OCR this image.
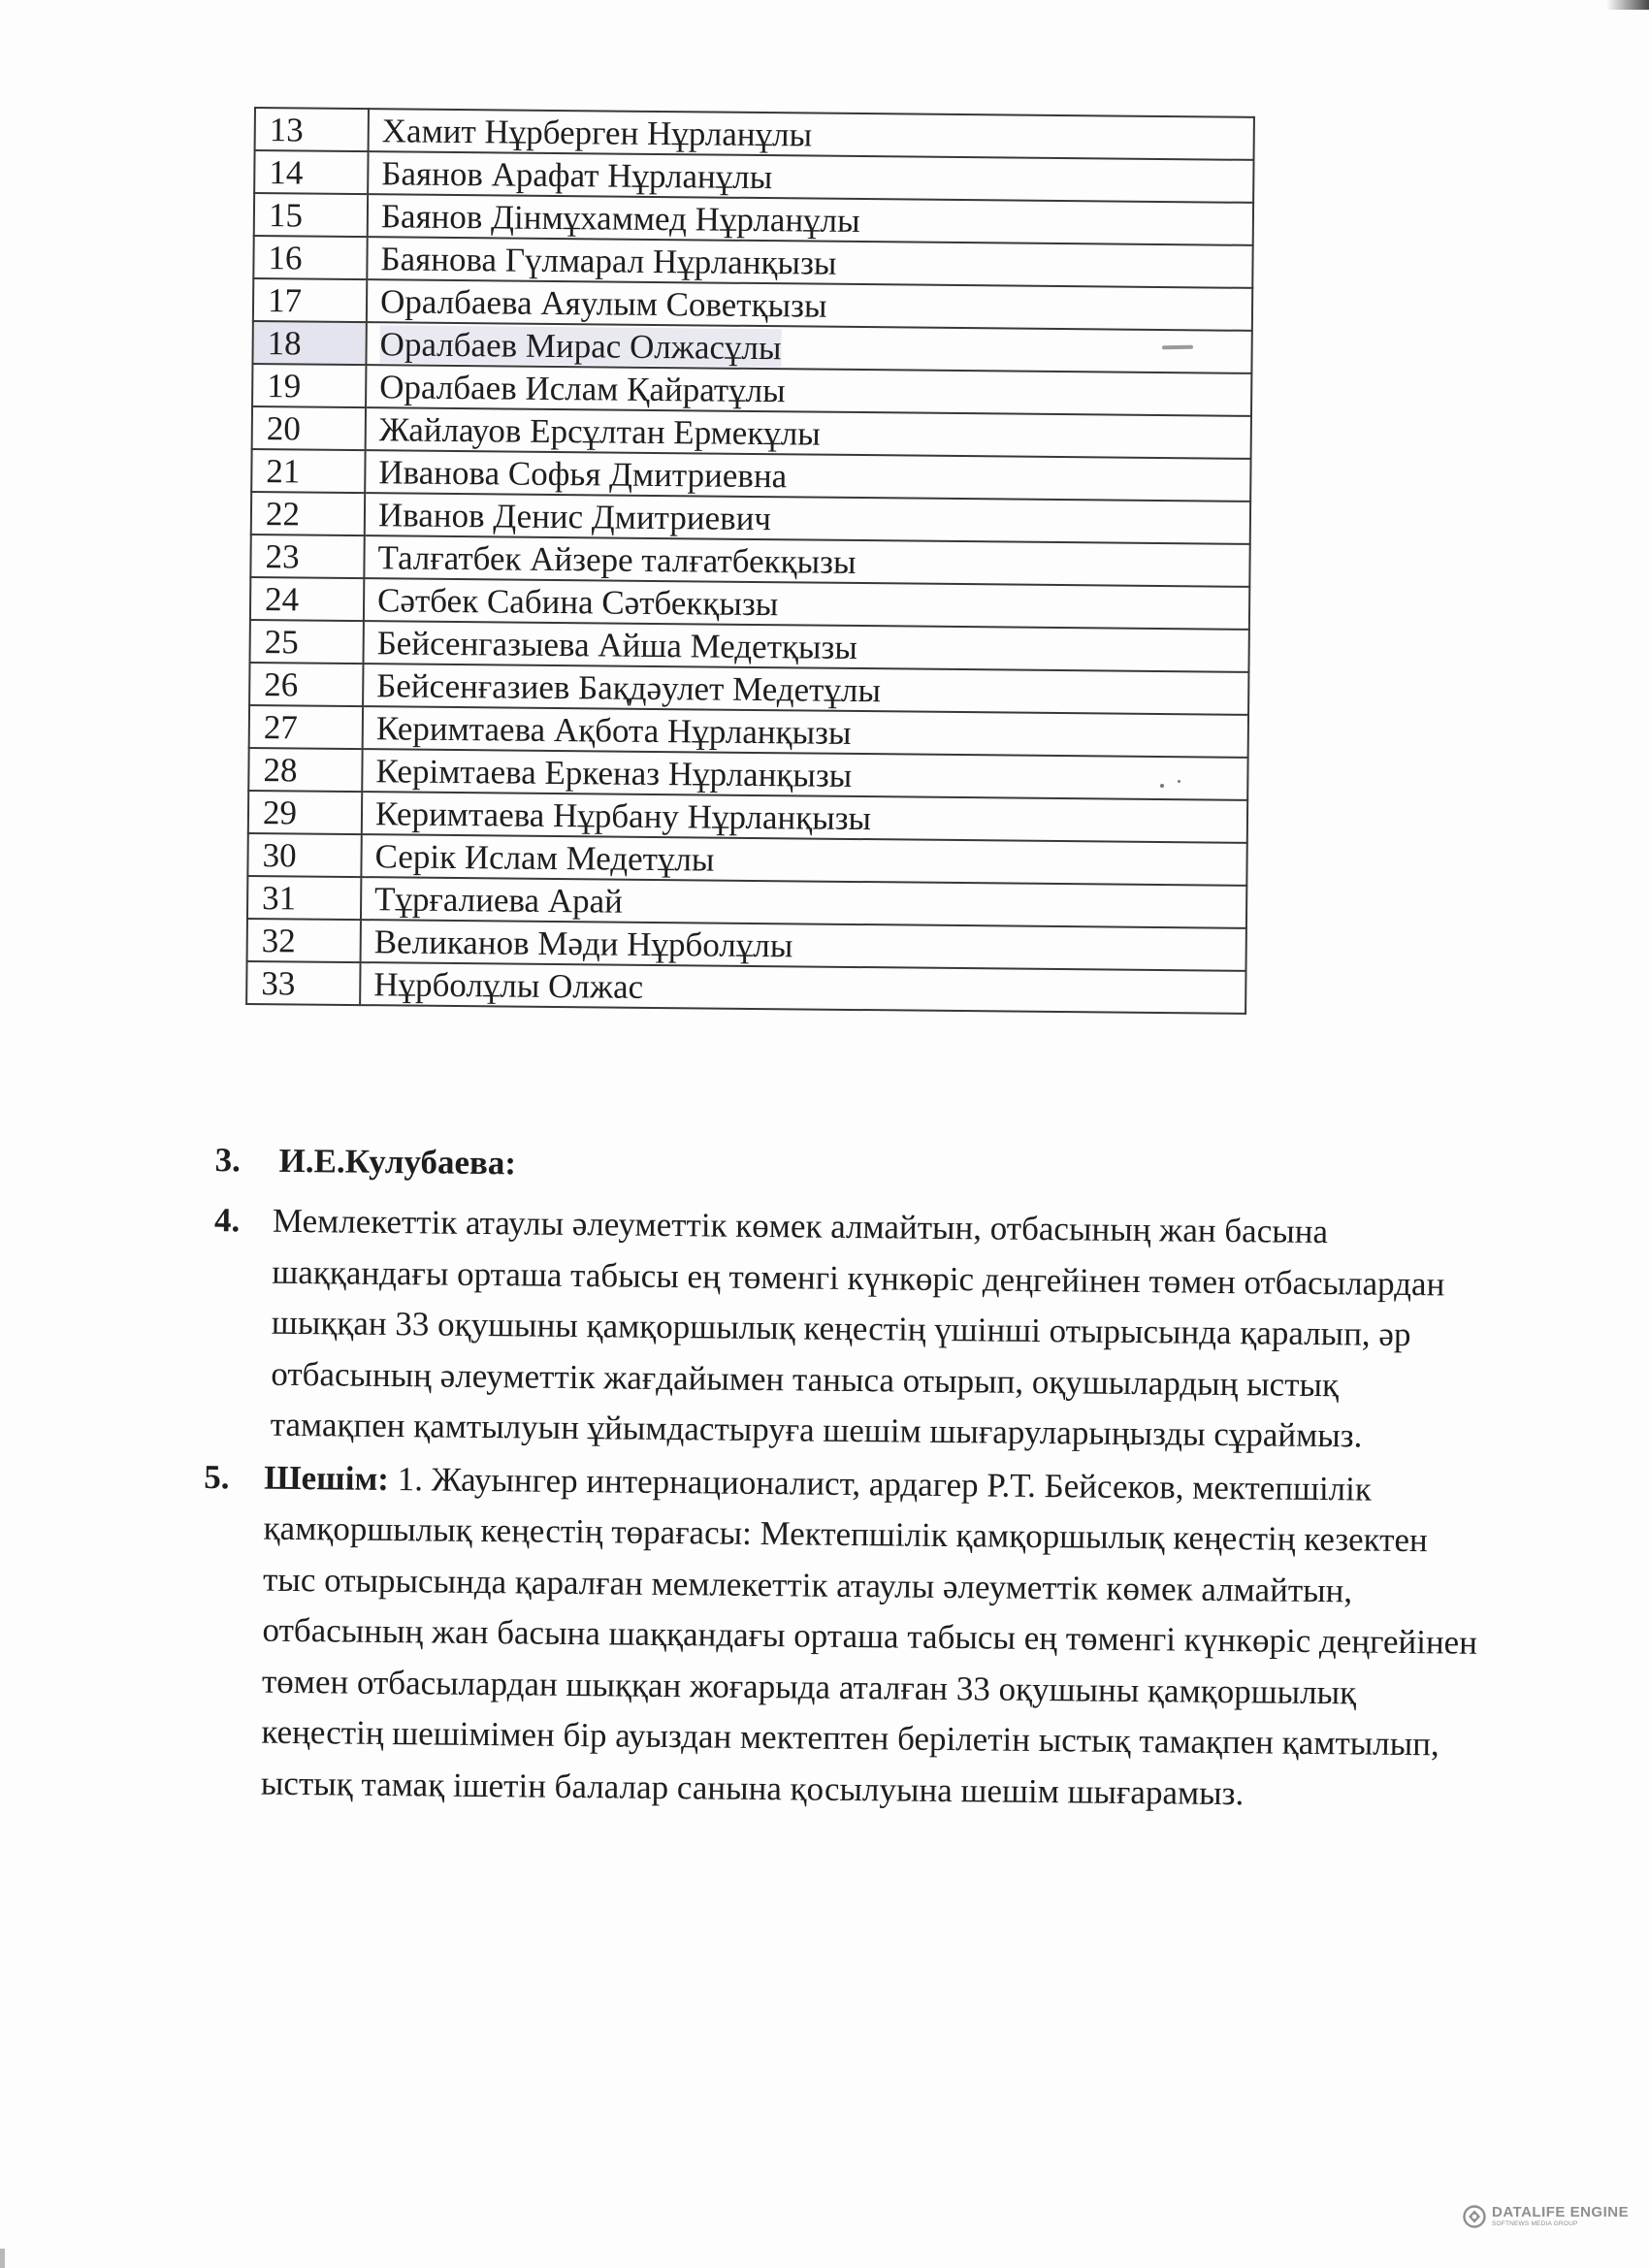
13	Хамит Нұрберген Нұрланұлы
14	Баянов Арафат Нұрланұлы
15	Баянов Дінмұхаммед Нұрланұлы
16	Баянова Гүлмарал Нұрланқызы
17	Оралбаева Аяулым Советқызы
18	Оралбаев Мирас Олжасұлы
19	Оралбаев Ислам Қайратұлы
20	Жайлауов Ерсұлтан Ермекұлы
21	Иванова Софья Дмитриевна
22	Иванов Денис Дмитриевич
23	Талғатбек Айзере талғатбекқызы
24	Сәтбек Сабина Сәтбекқызы
25	Бейсенгазыева Айша Медетқызы
26	Бейсенғазиев Бақдәулет Медетұлы
27	Керимтаева Ақбота Нұрланқызы
28	Керімтаева Еркеназ Нұрланқызы
29	Керимтаева Нұрбану Нұрланқызы
30	Серік Ислам Медетұлы
31	Тұрғалиева Арай
32	Великанов Мәди Нұрболұлы
33	Нұрболұлы Олжас
3. И.Е.Кулубаева:
4. Мемлекеттік атаулы әлеуметтік көмек алмайтын, отбасының жан басына шаққандағы орташа табысы ең төменгі күнкөріс деңгейінен төмен отбасылардан шыққан 33 оқушыны қамқоршылық кеңестің үшінші отырысында қаралып, әр отбасының әлеуметтік жағдайымен таныса отырып, оқушылардың ыстық тамақпен қамтылуын ұйымдастыруға шешім шығаруларыңызды сұраймыз.

5. Шешім: 1. Жауынгер интернационалист, ардагер Р.Т. Бейсеков, мектепшілік қамқоршылық кеңестің төрағасы: Мектепшілік қамқоршылық кеңестің кезектен тыс отырысында қаралған мемлекеттік атаулы әлеуметтік көмек алмайтын, отбасының жан басына шаққандағы орташа табысы ең төменгі күнкөріс деңгейінен төмен отбасылардан шыққан жоғарыда аталған 33 оқушыны қамқоршылық кеңестің шешімімен бір ауыздан мектептен берілетін ыстық тамақпен қамтылып, ыстық тамақ ішетін балалар санына қосылуына шешім шығарамыз.

DATALIFE ENGINE
SOFTNEWS MEDIA GROUP
